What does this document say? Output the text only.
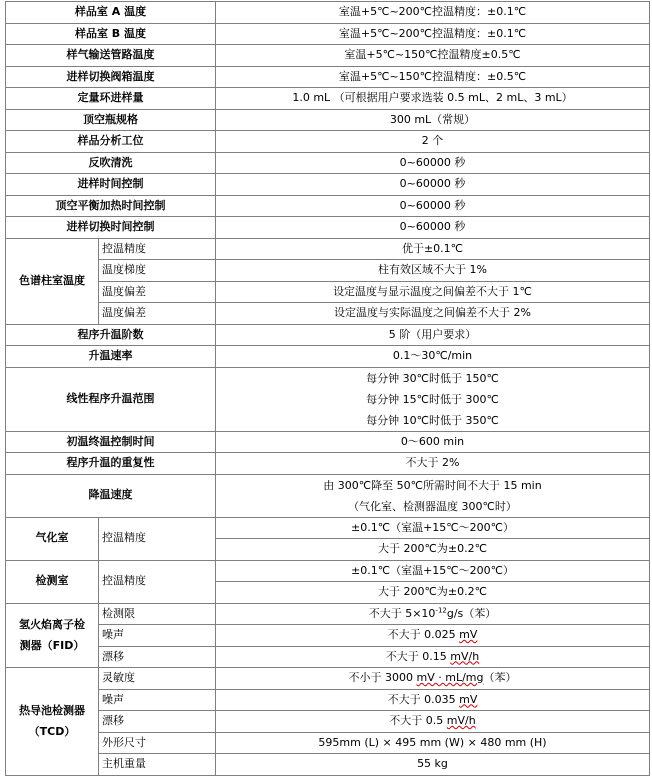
样品室 A 温度		室温+5℃~200℃控温精度：±0.1℃
样品室 B 温度		室温+5℃~200℃控温精度：±0.1℃
样气输送管路温度		室温+5℃~150℃控温精度±0.5℃
进样切换阀箱温度		室温+5℃~150℃控温精度：±0.5℃
定量环进样量		1.0 mL （可根据用户要求选装 0.5 mL、2 mL、3 mL）
顶空瓶规格		300 mL（常规）
样品分析工位		2 个
反吹清洗		0~60000 秒
进样时间控制		0~60000 秒
顶空平衡加热时间控制		0~60000 秒
进样切换时间控制		0~60000 秒
色谱柱室温度	控温精度	优于±0.1℃
	温度梯度	柱有效区域不大于 1%
	温度偏差	设定温度与显示温度之间偏差不大于 1℃
	温度偏差	设定温度与实际温度之间偏差不大于 2%
程序升温阶数		5 阶（用户要求）
升温速率		0.1～30℃/min
线性程序升温范围		每分钟 30℃时低于 150℃
每分钟 15℃时低于 300℃
每分钟 10℃时低于 350℃

初温终温控制时间		0～600 min
程序升温的重复性		不大于 2%
降温速度		由 300℃降至 50℃所需时间不大于 15 min
（气化室、检测器温度 300℃时）

气化室	控温精度	±0.1℃（室温+15℃～200℃）
		大于 200℃为±0.2℃
检测室	控温精度	±0.1℃（室温+15℃～200℃）
		大于 200℃为±0.2℃

氢火焰离子检
测器（FID）	检测限	不大于 $5\times 10^{-12}g/s$（苯）
	噪声	不大于 0.025 mV
	漂移	不大于 0.15 mV/h

热导池检测器
（TCD）	灵敏度	不小于 3000 mV · mL/mg（苯）
	噪声	不大于 0.035 mV
	漂移	不大于 0.5 mV/h
	外形尺寸	595mm (L) × 495 mm (W) × 480 mm (H)
	主机重量	55 kg
